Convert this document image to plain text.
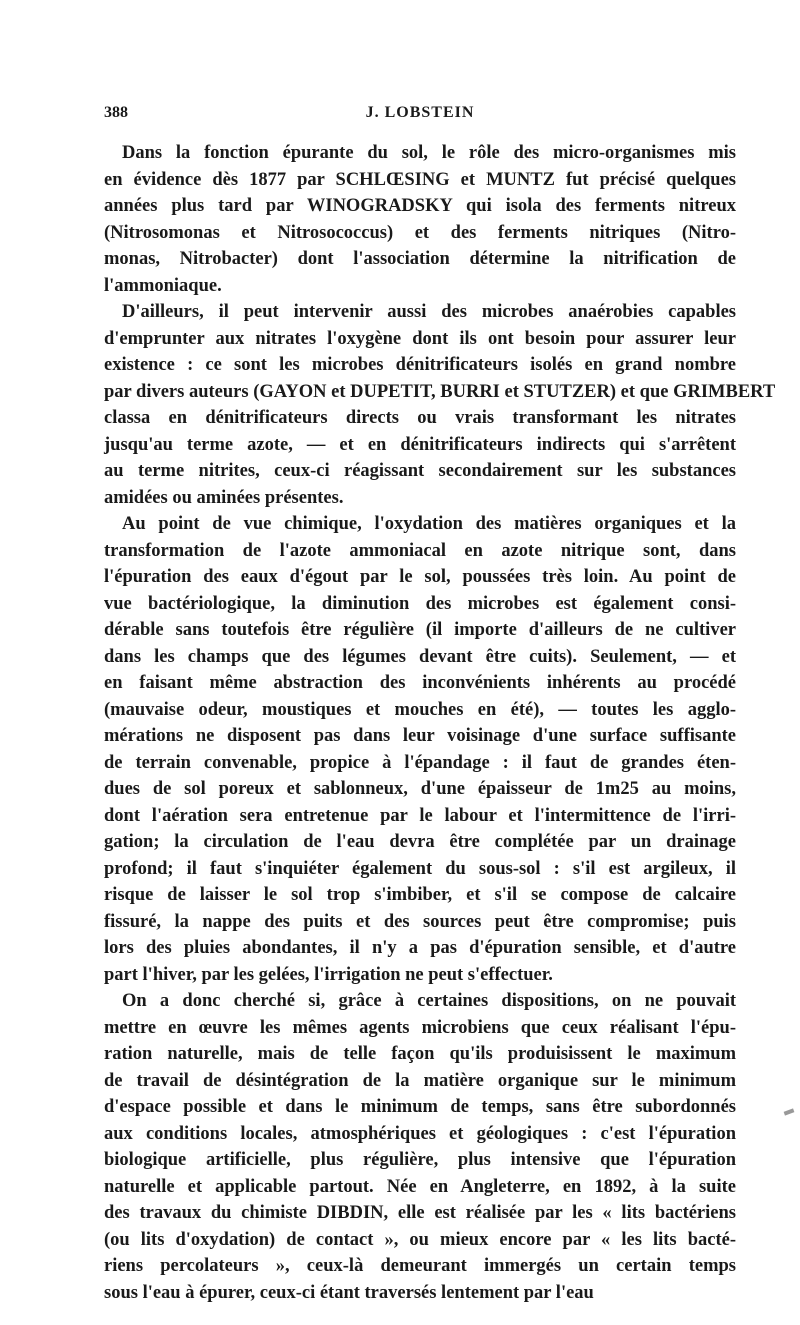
388	J. LOBSTEIN
Dans la fonction épurante du sol, le rôle des micro-organismes mis
en évidence dès 1877 par SCHLŒSING et MUNTZ fut précisé quelques
années plus tard par WINOGRADSKY qui isola des ferments nitreux
(Nitrosomonas et Nitrosococcus) et des ferments nitriques (Nitro-
monas, Nitrobacter) dont l'association détermine la nitrification de
l'ammoniaque.
D'ailleurs, il peut intervenir aussi des microbes anaérobies capables
d'emprunter aux nitrates l'oxygène dont ils ont besoin pour assurer leur
existence : ce sont les microbes dénitrificateurs isolés en grand nombre
par divers auteurs (GAYON et DUPETIT, BURRI et STUTZER) et que GRIMBERT
classa en dénitrificateurs directs ou vrais transformant les nitrates
jusqu'au terme azote, — et en dénitrificateurs indirects qui s'arrêtent
au terme nitrites, ceux-ci réagissant secondairement sur les substances
amidées ou aminées présentes.
Au point de vue chimique, l'oxydation des matières organiques et la
transformation de l'azote ammoniacal en azote nitrique sont, dans
l'épuration des eaux d'égout par le sol, poussées très loin. Au point de
vue bactériologique, la diminution des microbes est également consi-
dérable sans toutefois être régulière (il importe d'ailleurs de ne cultiver
dans les champs que des légumes devant être cuits). Seulement, — et
en faisant même abstraction des inconvénients inhérents au procédé
(mauvaise odeur, moustiques et mouches en été), — toutes les agglo-
mérations ne disposent pas dans leur voisinage d'une surface suffisante
de terrain convenable, propice à l'épandage : il faut de grandes éten-
dues de sol poreux et sablonneux, d'une épaisseur de 1m25 au moins,
dont l'aération sera entretenue par le labour et l'intermittence de l'irri-
gation; la circulation de l'eau devra être complétée par un drainage
profond; il faut s'inquiéter également du sous-sol : s'il est argileux, il
risque de laisser le sol trop s'imbiber, et s'il se compose de calcaire
fissuré, la nappe des puits et des sources peut être compromise; puis
lors des pluies abondantes, il n'y a pas d'épuration sensible, et d'autre
part l'hiver, par les gelées, l'irrigation ne peut s'effectuer.
On a donc cherché si, grâce à certaines dispositions, on ne pouvait
mettre en œuvre les mêmes agents microbiens que ceux réalisant l'épu-
ration naturelle, mais de telle façon qu'ils produisissent le maximum
de travail de désintégration de la matière organique sur le minimum
d'espace possible et dans le minimum de temps, sans être subordonnés
aux conditions locales, atmosphériques et géologiques : c'est l'épuration
biologique artificielle, plus régulière, plus intensive que l'épuration
naturelle et applicable partout. Née en Angleterre, en 1892, à la suite
des travaux du chimiste DIBDIN, elle est réalisée par les « lits bactériens
(ou lits d'oxydation) de contact », ou mieux encore par « les lits bacté-
riens percolateurs », ceux-là demeurant immergés un certain temps
sous l'eau à épurer, ceux-ci étant traversés lentement par l'eau
